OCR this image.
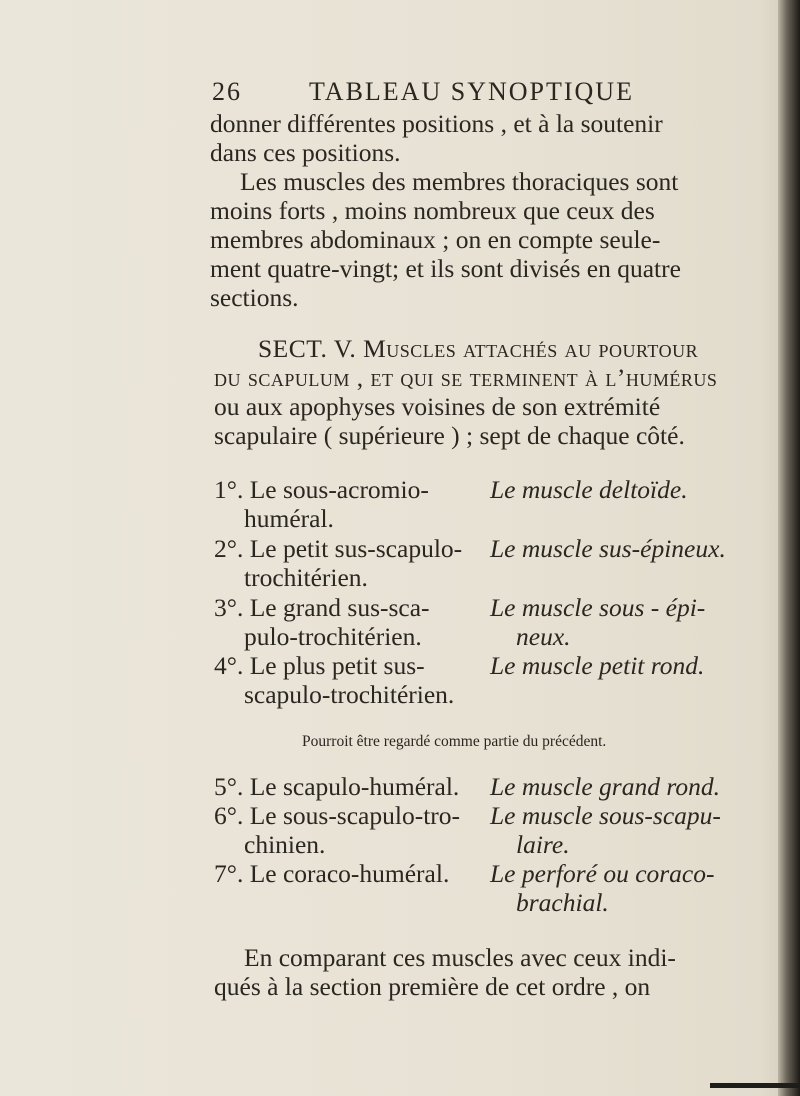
26	TABLEAU SYNOPTIQUE
donner différentes positions , et à la soutenir
dans ces positions.
Les muscles des membres thoraciques sont
moins forts , moins nombreux que ceux des
membres abdominaux ; on en compte seule-
ment quatre-vingt; et ils sont divisés en quatre
sections.
SECT. V. Muscles attachés au pourtour
du scapulum , et qui se terminent à l’humérus
ou aux apophyses voisines de son extrémité
scapulaire ( supérieure ) ; sept de chaque côté.
1°. Le sous-acromio-
huméral.
Le muscle deltoïde.
2°. Le petit sus-scapulo-
trochitérien.
Le muscle sus-épineux.
3°. Le grand sus-sca-
pulo-trochitérien.
Le muscle sous - épi-
neux.
4°. Le plus petit sus-
scapulo-trochitérien.
Le muscle petit rond.
Pourroit être regardé comme partie du précédent.
5°. Le scapulo-huméral. Le muscle grand rond.
6°. Le sous-scapulo-tro-
chinien.
Le muscle sous-scapu-
laire.
7°. Le coraco-huméral. Le perforé ou coraco-
brachial.
En comparant ces muscles avec ceux indi-
qués à la section première de cet ordre , on
